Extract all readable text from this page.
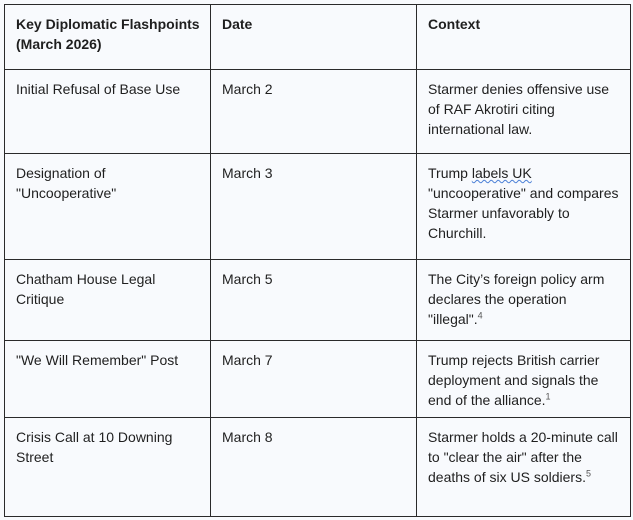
Key Diplomatic Flashpoints (March 2026)	Date	Context
Initial Refusal of Base Use	March 2	Starmer denies offensive use of RAF Akrotiri citing international law.
Designation of "Uncooperative"	March 3	Trump labels UK "uncooperative" and compares Starmer unfavorably to Churchill.
Chatham House Legal Critique	March 5	The City’s foreign policy arm declares the operation "illegal".$^4$
"We Will Remember" Post	March 7	Trump rejects British carrier deployment and signals the end of the alliance.$^1$
Crisis Call at 10 Downing Street	March 8	Starmer holds a 20-minute call to "clear the air" after the deaths of six US soldiers.$^5$
